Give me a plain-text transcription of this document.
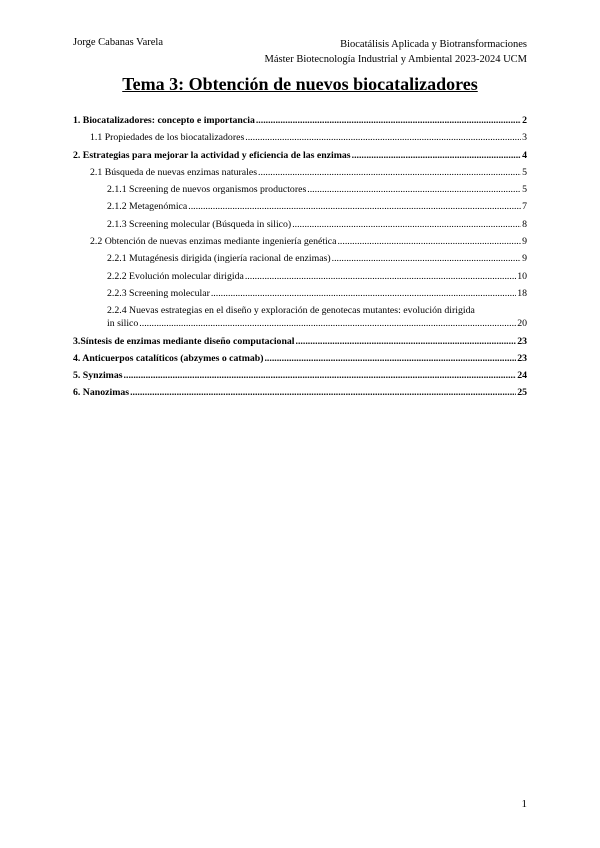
Jorge Cabanas Varela	Biocatálisis Aplicada y Biotransformaciones
Máster Biotecnología Industrial y Ambiental 2023-2024 UCM
Tema 3: Obtención de nuevos biocatalizadores
1. Biocatalizadores: concepto e importancia .....	2
1.1 Propiedades de los biocatalizadores .....	3
2. Estrategias para mejorar la actividad y eficiencia de las enzimas .....	4
2.1 Búsqueda de nuevas enzimas naturales .....	5
2.1.1 Screening de nuevos organismos productores .....	5
2.1.2 Metagenómica .....	7
2.1.3 Screening molecular (Búsqueda in silico) .....	8
2.2 Obtención de nuevas enzimas mediante ingeniería genética .....	9
2.2.1 Mutagénesis dirigida (ingiería racional de enzimas) .....	9
2.2.2 Evolución molecular dirigida .....	10
2.2.3 Screening molecular .....	18
2.2.4 Nuevas estrategias en el diseño y exploración de genotecas mutantes: evolución dirigida
in silico .....	20
3.Síntesis de enzimas mediante diseño computacional .....	23
4. Anticuerpos catalíticos (abzymes o catmab) .....	23
5. Synzimas .....	24
6. Nanozimas .....	25
1
